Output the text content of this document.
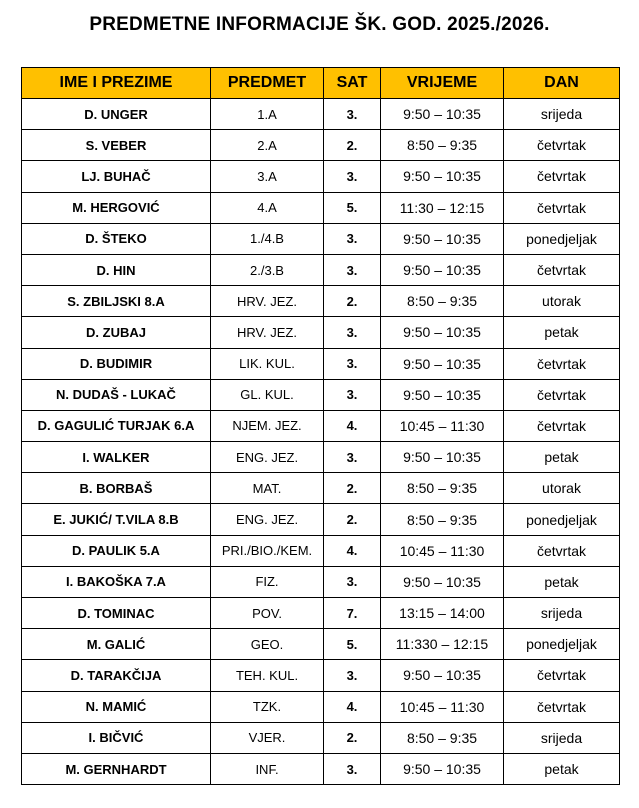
PREDMETNE INFORMACIJE ŠK. GOD. 2025./2026.
IME I PREZIME	PREDMET	SAT	VRIJEME	DAN
D. UNGER	1.A	3.	9:50 – 10:35	srijeda
S. VEBER	2.A	2.	8:50 – 9:35	četvrtak
LJ. BUHAČ	3.A	3.	9:50 – 10:35	četvrtak
M. HERGOVIĆ	4.A	5.	11:30 – 12:15	četvrtak
D. ŠTEKO	1./4.B	3.	9:50 – 10:35	ponedjeljak
D. HIN	2./3.B	3.	9:50 – 10:35	četvrtak
S. ZBILJSKI 8.A	HRV. JEZ.	2.	8:50 – 9:35	utorak
D. ZUBAJ	HRV. JEZ.	3.	9:50 – 10:35	petak
D. BUDIMIR	LIK. KUL.	3.	9:50 – 10:35	četvrtak
N. DUDAŠ - LUKAČ	GL. KUL.	3.	9:50 – 10:35	četvrtak
D. GAGULIĆ TURJAK 6.A	NJEM. JEZ.	4.	10:45 – 11:30	četvrtak
I. WALKER	ENG. JEZ.	3.	9:50 – 10:35	petak
B. BORBAŠ	MAT.	2.	8:50 – 9:35	utorak
E. JUKIĆ/ T.VILA 8.B	ENG. JEZ.	2.	8:50 – 9:35	ponedjeljak
D. PAULIK 5.A	PRI./BIO./KEM.	4.	10:45 – 11:30	četvrtak
I. BAKOŠKA 7.A	FIZ.	3.	9:50 – 10:35	petak
D. TOMINAC	POV.	7.	13:15 – 14:00	srijeda
M. GALIĆ	GEO.	5.	11:330 – 12:15	ponedjeljak
D. TARAKČIJA	TEH. KUL.	3.	9:50 – 10:35	četvrtak
N. MAMIĆ	TZK.	4.	10:45 – 11:30	četvrtak
I. BIČVIĆ	VJER.	2.	8:50 – 9:35	srijeda
M. GERNHARDT	INF.	3.	9:50 – 10:35	petak
